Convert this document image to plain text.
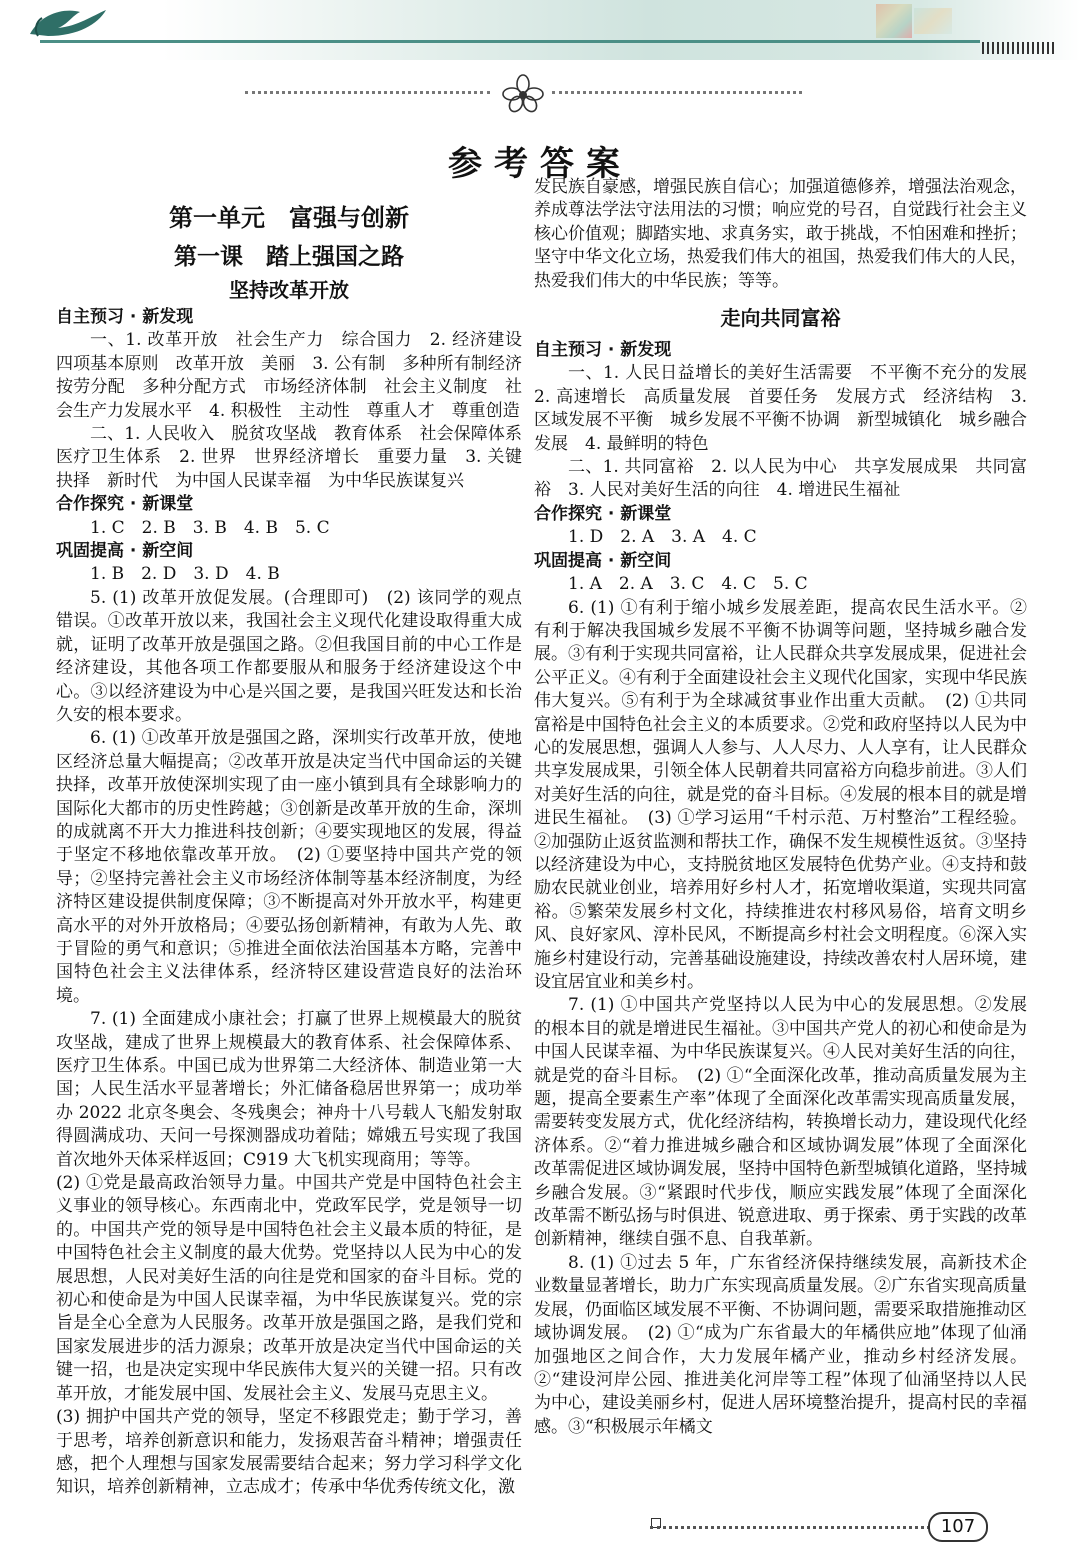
参考答案
第一单元　富强与创新
第一课　踏上强国之路
坚持改革开放
自主预习 · 新发现

一、1. 改革开放　社会生产力　综合国力　2. 经济建设　四项基本原则　改革开放　美丽　3. 公有制　多种所有制经济　按劳分配　多种分配方式　市场经济体制　社会主义制度　社会生产力发展水平　4. 积极性　主动性　尊重人才　尊重创造

二、1. 人民收入　脱贫攻坚战　教育体系　社会保障体系　医疗卫生体系　2. 世界　世界经济增长　重要力量　3. 关键抉择　新时代　为中国人民谋幸福　为中华民族谋复兴

合作探究 · 新课堂

1. C　2. B　3. B　4. B　5. C

巩固提高 · 新空间

1. B　2. D　3. D　4. B

5. (1) 改革开放促发展。(合理即可)　(2) 该同学的观点错误。①改革开放以来，我国社会主义现代化建设取得重大成就，证明了改革开放是强国之路。②但我国目前的中心工作是经济建设，其他各项工作都要服从和服务于经济建设这个中心。③以经济建设为中心是兴国之要，是我国兴旺发达和长治久安的根本要求。

6. (1) ①改革开放是强国之路，深圳实行改革开放，使地区经济总量大幅提高；②改革开放是决定当代中国命运的关键抉择，改革开放使深圳实现了由一座小镇到具有全球影响力的国际化大都市的历史性跨越；③创新是改革开放的生命，深圳的成就离不开大力推进科技创新；④要实现地区的发展，得益于坚定不移地依靠改革开放。　(2) ①要坚持中国共产党的领导；②坚持完善社会主义市场经济体制等基本经济制度，为经济特区建设提供制度保障；③不断提高对外开放水平，构建更高水平的对外开放格局；④要弘扬创新精神，有敢为人先、敢于冒险的勇气和意识；⑤推进全面依法治国基本方略，完善中国特色社会主义法律体系，经济特区建设营造良好的法治环境。

7. (1) 全面建成小康社会；打赢了世界上规模最大的脱贫攻坚战，建成了世界上规模最大的教育体系、社会保障体系、医疗卫生体系。中国已成为世界第二大经济体、制造业第一大国；人民生活水平显著增长；外汇储备稳居世界第一；成功举办 2022 北京冬奥会、冬残奥会；神舟十八号载人飞船发射取得圆满成功、天问一号探测器成功着陆；嫦娥五号实现了我国首次地外天体采样返回；C919 大飞机实现商用；等等。

(2) ①党是最高政治领导力量。中国共产党是中国特色社会主义事业的领导核心。东西南北中，党政军民学，党是领导一切的。中国共产党的领导是中国特色社会主义最本质的特征，是中国特色社会主义制度的最大优势。党坚持以人民为中心的发展思想，人民对美好生活的向往是党和国家的奋斗目标。党的初心和使命是为中国人民谋幸福，为中华民族谋复兴。党的宗旨是全心全意为人民服务。改革开放是强国之路，是我们党和国家发展进步的活力源泉；改革开放是决定当代中国命运的关键一招，也是决定实现中华民族伟大复兴的关键一招。只有改革开放，才能发展中国、发展社会主义、发展马克思主义。

(3) 拥护中国共产党的领导，坚定不移跟党走；勤于学习，善于思考，培养创新意识和能力，发扬艰苦奋斗精神；增强责任感，把个人理想与国家发展需要结合起来；努力学习科学文化知识，培养创新精神，立志成才；传承中华优秀传统文化，激

发民族自豪感，增强民族自信心；加强道德修养，增强法治观念，养成尊法学法守法用法的习惯；响应党的号召，自觉践行社会主义核心价值观；脚踏实地、求真务实，敢于挑战，不怕困难和挫折；坚守中华文化立场，热爱我们伟大的祖国，热爱我们伟大的人民，热爱我们伟大的中华民族；等等。

走向共同富裕
自主预习 · 新发现

一、1. 人民日益增长的美好生活需要　不平衡不充分的发展　2. 高速增长　高质量发展　首要任务　发展方式　经济结构　3. 区域发展不平衡　城乡发展不平衡不协调　新型城镇化　城乡融合发展　4. 最鲜明的特色

二、1. 共同富裕　2. 以人民为中心　共享发展成果　共同富裕　3. 人民对美好生活的向往　4. 增进民生福祉

合作探究 · 新课堂

1. D　2. A　3. A　4. C

巩固提高 · 新空间

1. A　2. A　3. C　4. C　5. C

6. (1) ①有利于缩小城乡发展差距，提高农民生活水平。②有利于解决我国城乡发展不平衡不协调等问题，坚持城乡融合发展。③有利于实现共同富裕，让人民群众共享发展成果，促进社会公平正义。④有利于全面建设社会主义现代化国家，实现中华民族伟大复兴。⑤有利于为全球减贫事业作出重大贡献。　(2) ①共同富裕是中国特色社会主义的本质要求。②党和政府坚持以人民为中心的发展思想，强调人人参与、人人尽力、人人享有，让人民群众共享发展成果，引领全体人民朝着共同富裕方向稳步前进。③人们对美好生活的向往，就是党的奋斗目标。④发展的根本目的就是增进民生福祉。　(3) ①学习运用“千村示范、万村整治”工程经验。②加强防止返贫监测和帮扶工作，确保不发生规模性返贫。③坚持以经济建设为中心，支持脱贫地区发展特色优势产业。④支持和鼓励农民就业创业，培养用好乡村人才，拓宽增收渠道，实现共同富裕。⑤繁荣发展乡村文化，持续推进农村移风易俗，培育文明乡风、良好家风、淳朴民风，不断提高乡村社会文明程度。⑥深入实施乡村建设行动，完善基础设施建设，持续改善农村人居环境，建设宜居宜业和美乡村。

7. (1) ①中国共产党坚持以人民为中心的发展思想。②发展的根本目的就是增进民生福祉。③中国共产党人的初心和使命是为中国人民谋幸福、为中华民族谋复兴。④人民对美好生活的向往，就是党的奋斗目标。　(2) ①“全面深化改革，推动高质量发展为主题，提高全要素生产率”体现了全面深化改革需实现高质量发展，需要转变发展方式，优化经济结构，转换增长动力，建设现代化经济体系。②“着力推进城乡融合和区域协调发展”体现了全面深化改革需促进区域协调发展，坚持中国特色新型城镇化道路，坚持城乡融合发展。③“紧跟时代步伐，顺应实践发展”体现了全面深化改革需不断弘扬与时俱进、锐意进取、勇于探索、勇于实践的改革创新精神，继续自强不息、自我革新。

8. (1) ①过去 5 年，广东省经济保持继续发展，高新技术企业数量显著增长，助力广东实现高质量发展。②广东省实现高质量发展，仍面临区域发展不平衡、不协调问题，需要采取措施推动区域协调发展。　(2) ①“成为广东省最大的年橘供应地”体现了仙涌加强地区之间合作，大力发展年橘产业，推动乡村经济发展。②“建设河岸公园、推进美化河岸等工程”体现了仙涌坚持以人民为中心，建设美丽乡村，促进人居环境整治提升，提高村民的幸福感。③“积极展示年橘文

107
